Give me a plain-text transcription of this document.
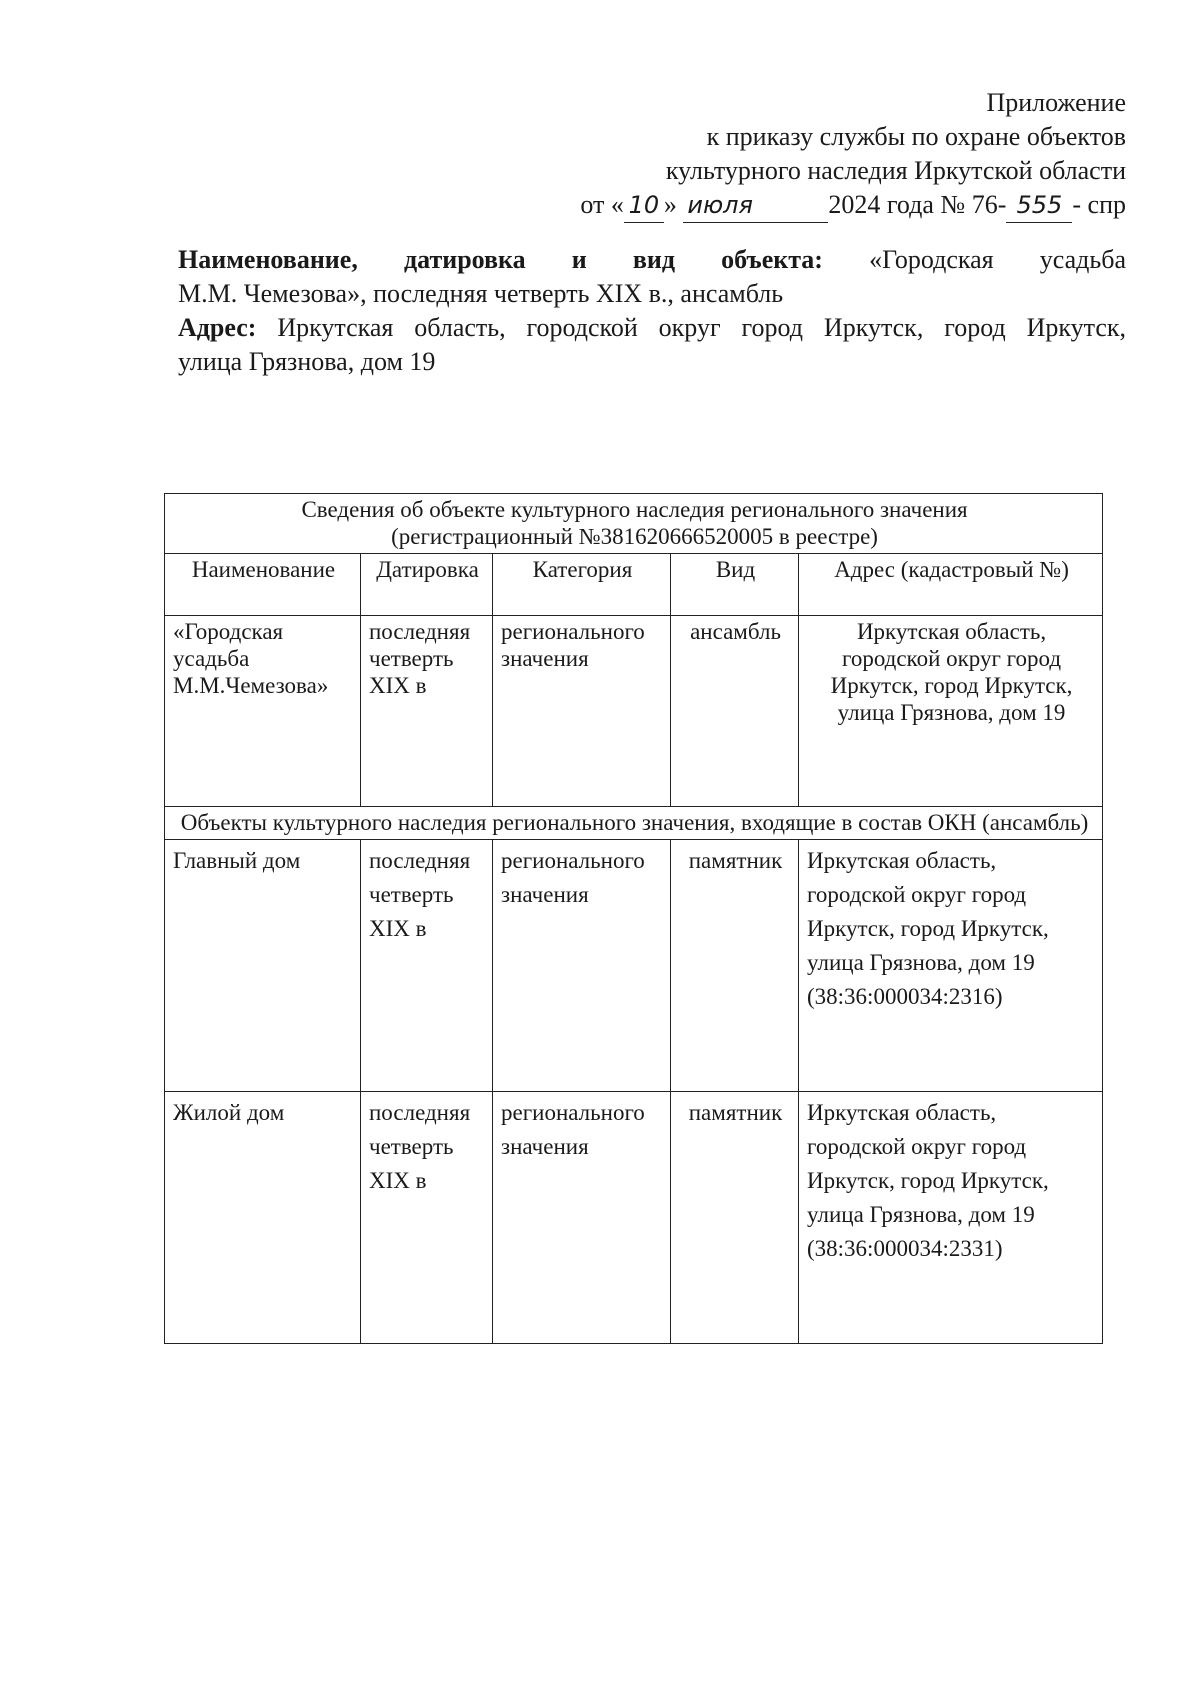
Приложение
к приказу службы по охране объектов
культурного наследия Иркутской области
от « 10 » июля	2024 года № 76- 555 - спр

Наименование, датировка и вид объекта: «Городская усадьба

М.М. Чемезова», последняя четверть XIX в., ансамбль

Адрес: Иркутская область, городской округ город Иркутск, город Иркутск,

улица Грязнова, дом 19

Сведения об объекте культурного наследия регионального значения
(регистрационный №381620666520005 в реестре)				

Наименование	Датировка	Категория	Вид	Адрес (кадастровый №)
«Городская усадьба М.М.Чемезова»	последняя четверть XIX в	регионального значения	ансамбль	Иркутская область, городской округ город Иркутск, город Иркутск, улица Грязнова, дом 19
Объекты культурного наследия регионального значения, входящие в состав ОКН (ансамбль)				
Главный дом	последняя четверть XIX в	регионального значения	памятник	Иркутская область, городской округ город Иркутск, город Иркутск, улица Грязнова, дом 19
(38:36:000034:2316)

Жилой дом	последняя четверть XIX в	регионального значения	памятник	Иркутская область, городской округ город Иркутск, город Иркутск, улица Грязнова, дом 19
(38:36:000034:2331)
